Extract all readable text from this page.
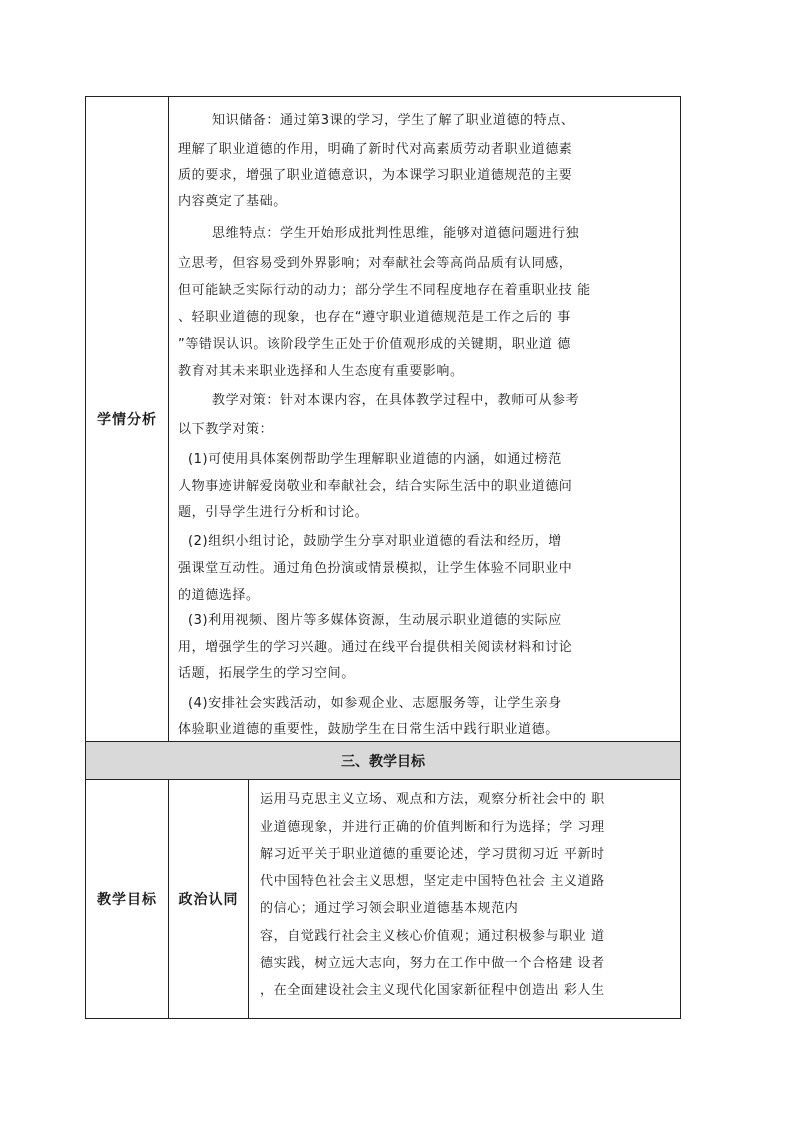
三、教学目标
学情分析
知识储备：通过第3课的学习，学生了解了职业道德的特点、
理解了职业道德的作用，明确了新时代对高素质劳动者职业道德素
质的要求，增强了职业道德意识，为本课学习职业道德规范的主要
内容奠定了基础。
思维特点：学生开始形成批判性思维，能够对道德问题进行独
立思考，但容易受到外界影响；对奉献社会等高尚品质有认同感，
但可能缺乏实际行动的动力；部分学生不同程度地存在着重职业技 能
、轻职业道德的现象，也存在“遵守职业道德规范是工作之后的 事
”等错误认识。该阶段学生正处于价值观形成的关键期，职业道 德
教育对其未来职业选择和人生态度有重要影响。
教学对策：针对本课内容，在具体教学过程中，教师可从参考
以下教学对策：
(1)可使用具体案例帮助学生理解职业道德的内涵，如通过榜范
人物事迹讲解爱岗敬业和奉献社会，结合实际生活中的职业道德问
题，引导学生进行分析和讨论。
(2)组织小组讨论，鼓励学生分享对职业道德的看法和经历，增
强课堂互动性。通过角色扮演或情景模拟，让学生体验不同职业中
的道德选择。
(3)利用视频、图片等多媒体资源，生动展示职业道德的实际应
用，增强学生的学习兴趣。通过在线平台提供相关阅读材料和讨论
话题，拓展学生的学习空间。
(4)安排社会实践活动，如参观企业、志愿服务等，让学生亲身
体验职业道德的重要性，鼓励学生在日常生活中践行职业道德。
教学目标	政治认同
运用马克思主义立场、观点和方法，观察分析社会中的 职
业道德现象，并进行正确的价值判断和行为选择；学 习理
解习近平关于职业道德的重要论述，学习贯彻习近 平新时
代中国特色社会主义思想，坚定走中国特色社会 主义道路
的信心；通过学习领会职业道德基本规范内
容，自觉践行社会主义核心价值观；通过积极参与职业 道
德实践，树立远大志向，努力在工作中做一个合格建 设者
，在全面建设社会主义现代化国家新征程中创造出 彩人生
